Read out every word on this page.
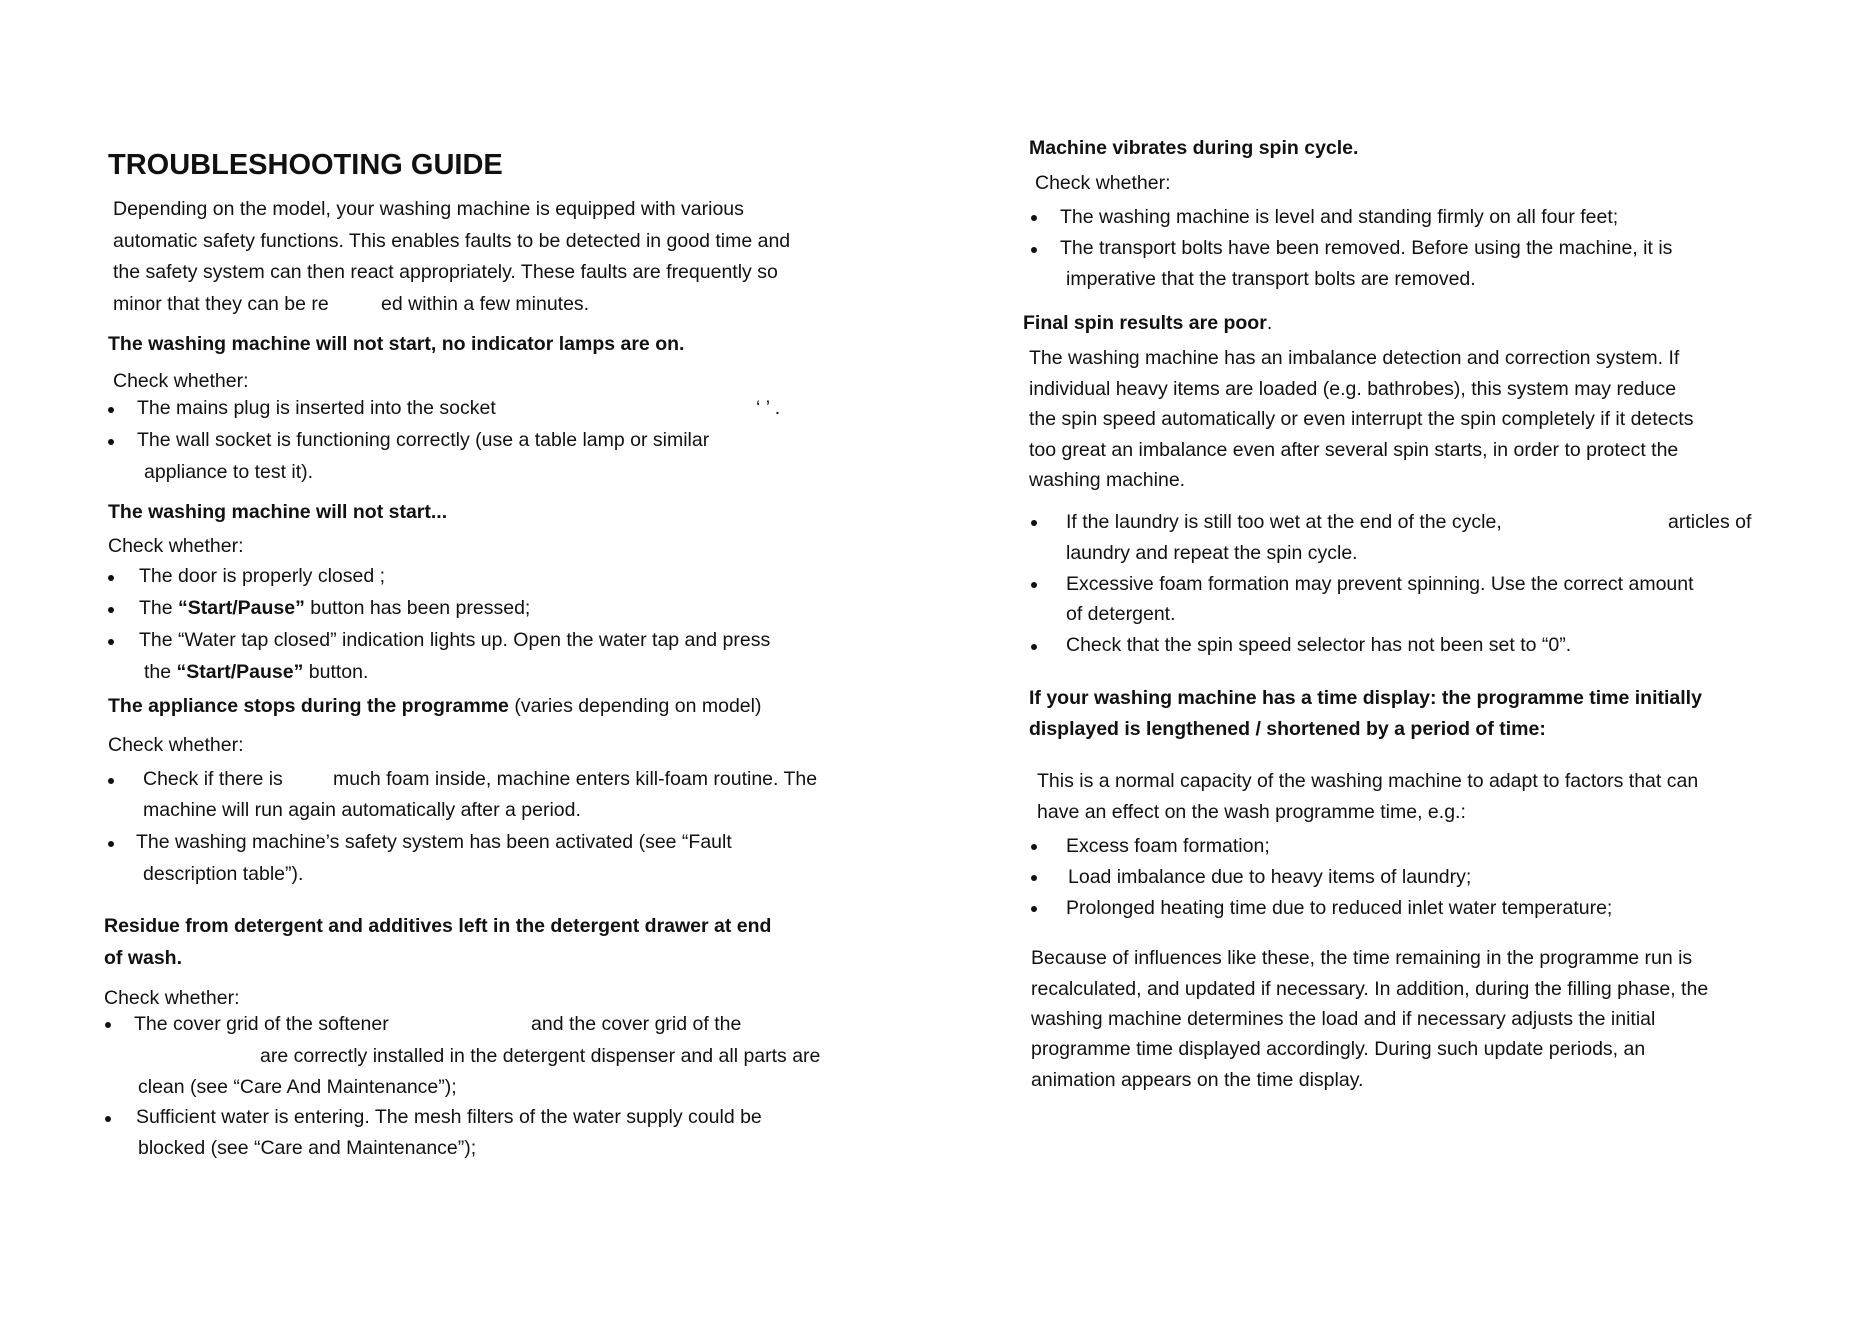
TROUBLESHOOTING GUIDE
Depending on the model, your washing machine is equipped with various
automatic safety functions. This enables faults to be detected in good time and
the safety system can then react appropriately. These faults are frequently so
minor that they can be re	ed within a few minutes.
The washing machine will not start, no indicator lamps are on.
Check whether:
The mains plug is inserted into the socket	‘ ’ .
The wall socket is functioning correctly (use a table lamp or similar
appliance to test it).
The washing machine will not start...
Check whether:
The door is properly closed ;
The “Start/Pause” button has been pressed;
The “Water tap closed” indication lights up. Open the water tap and press
the “Start/Pause” button.
The appliance stops during the programme (varies depending on model)
Check whether:
Check if there is	much foam inside, machine enters kill-foam routine. The
machine will run again automatically after a period.
The washing machine’s safety system has been activated (see “Fault
description table”).
Residue from detergent and additives left in the detergent drawer at end
of wash.
Check whether:
The cover grid of the softener	and the cover grid of the
are correctly installed in the detergent dispenser and all parts are
clean (see “Care And Maintenance”);
Sufficient water is entering. The mesh filters of the water supply could be
blocked (see “Care and Maintenance”);
Machine vibrates during spin cycle.
Check whether:
The washing machine is level and standing firmly on all four feet;
The transport bolts have been removed. Before using the machine, it is
imperative that the transport bolts are removed.
Final spin results are poor.
The washing machine has an imbalance detection and correction system. If
individual heavy items are loaded (e.g. bathrobes), this system may reduce
the spin speed automatically or even interrupt the spin completely if it detects
too great an imbalance even after several spin starts, in order to protect the
washing machine.
If the laundry is still too wet at the end of the cycle,	articles of
laundry and repeat the spin cycle.
Excessive foam formation may prevent spinning. Use the correct amount
of detergent.
Check that the spin speed selector has not been set to “0”.
If your washing machine has a time display: the programme time initially
displayed is lengthened / shortened by a period of time:
This is a normal capacity of the washing machine to adapt to factors that can
have an effect on the wash programme time, e.g.:
Excess foam formation;
Load imbalance due to heavy items of laundry;
Prolonged heating time due to reduced inlet water temperature;
Because of influences like these, the time remaining in the programme run is
recalculated, and updated if necessary. In addition, during the filling phase, the
washing machine determines the load and if necessary adjusts the initial
programme time displayed accordingly. During such update periods, an
animation appears on the time display.
